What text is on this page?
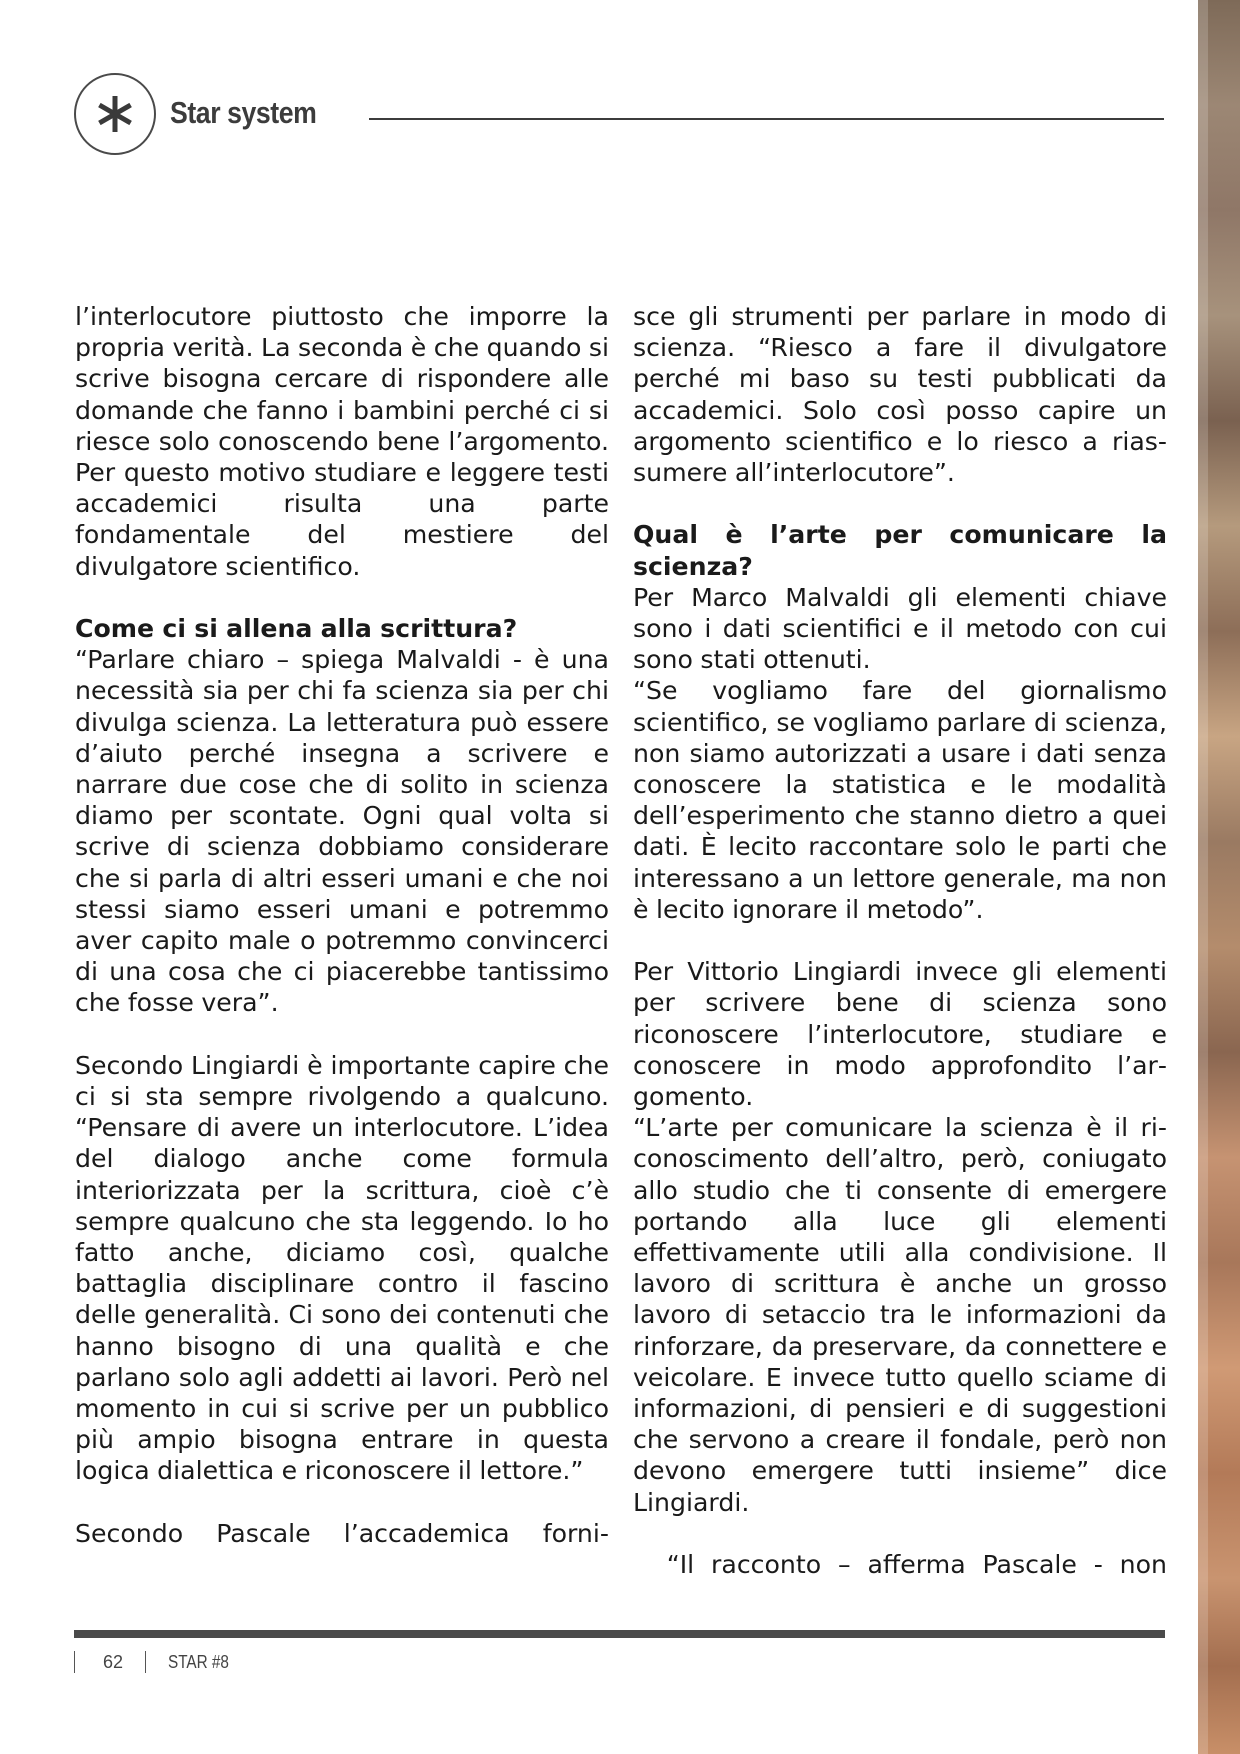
Star system

l’interlocutore piuttosto che imporre la propria verità. La seconda è che quando si scrive bisogna cercare di rispondere alle domande che fanno i bambini perché ci si riesce solo conoscendo bene l’argomento. Per questo motivo studiare e leggere testi accademici risulta una parte fondamentale del mestiere del divulgatore scientifico.

Come ci si allena alla scrittura?

“Parlare chiaro – spiega Malvaldi - è una necessità sia per chi fa scienza sia per chi divulga scienza. La letteratura può essere d’aiuto perché insegna a scrivere e narrare due cose che di solito in scienza diamo per scontate. Ogni qual volta si scrive di scienza dobbiamo considerare che si parla di altri esseri umani e che noi stessi siamo esseri umani e potremmo aver capito male o potremmo convincerci di una cosa che ci piacerebbe tantissimo che fosse vera”.

Secondo Lingiardi è importante capire che ci si sta sempre rivolgendo a qualcuno. “Pensare di avere un interlocutore. L’idea del dialogo anche come formula interiorizzata per la scrittura, cioè c’è sempre qualcuno che sta leggendo. Io ho fatto anche, diciamo così, qualche battaglia disciplinare contro il fascino delle generalità. Ci sono dei contenuti che hanno bisogno di una qualità e che parlano solo agli addetti ai lavori. Però nel momento in cui si scrive per un pubblico più ampio bisogna entrare in questa logica dialettica e riconoscere il lettore.”

Secondo Pascale l’accademica forni-

sce gli strumenti per parlare in modo di scienza. “Riesco a fare il divulgatore perché mi baso su testi pubblicati da accademici. Solo così posso capire un argomento scientifico e lo riesco a riassumere all’interlocutore”.

Qual è l’arte per comunicare la scienza?

Per Marco Malvaldi gli elementi chiave sono i dati scientifici e il metodo con cui sono stati ottenuti.

“Se vogliamo fare del giornalismo scientifico, se vogliamo parlare di scienza, non siamo autorizzati a usare i dati senza conoscere la statistica e le modalità dell’esperimento che stanno dietro a quei dati. È lecito raccontare solo le parti che interessano a un lettore generale, ma non è lecito ignorare il metodo”.

Per Vittorio Lingiardi invece gli elementi per scrivere bene di scienza sono riconoscere l’interlocutore, studiare e conoscere in modo approfondito l’argomento.

“L’arte per comunicare la scienza è il riconoscimento dell’altro, però, coniugato allo studio che ti consente di emergere portando alla luce gli elementi effettivamente utili alla condivisione. Il lavoro di scrittura è anche un grosso lavoro di setaccio tra le informazioni da rinforzare, da preservare, da connettere e veicolare. E invece tutto quello sciame di informazioni, di pensieri e di suggestioni che servono a creare il fondale, però non devono emergere tutti insieme” dice Lingiardi.

“Il racconto – afferma Pascale - non

62 STAR #8
